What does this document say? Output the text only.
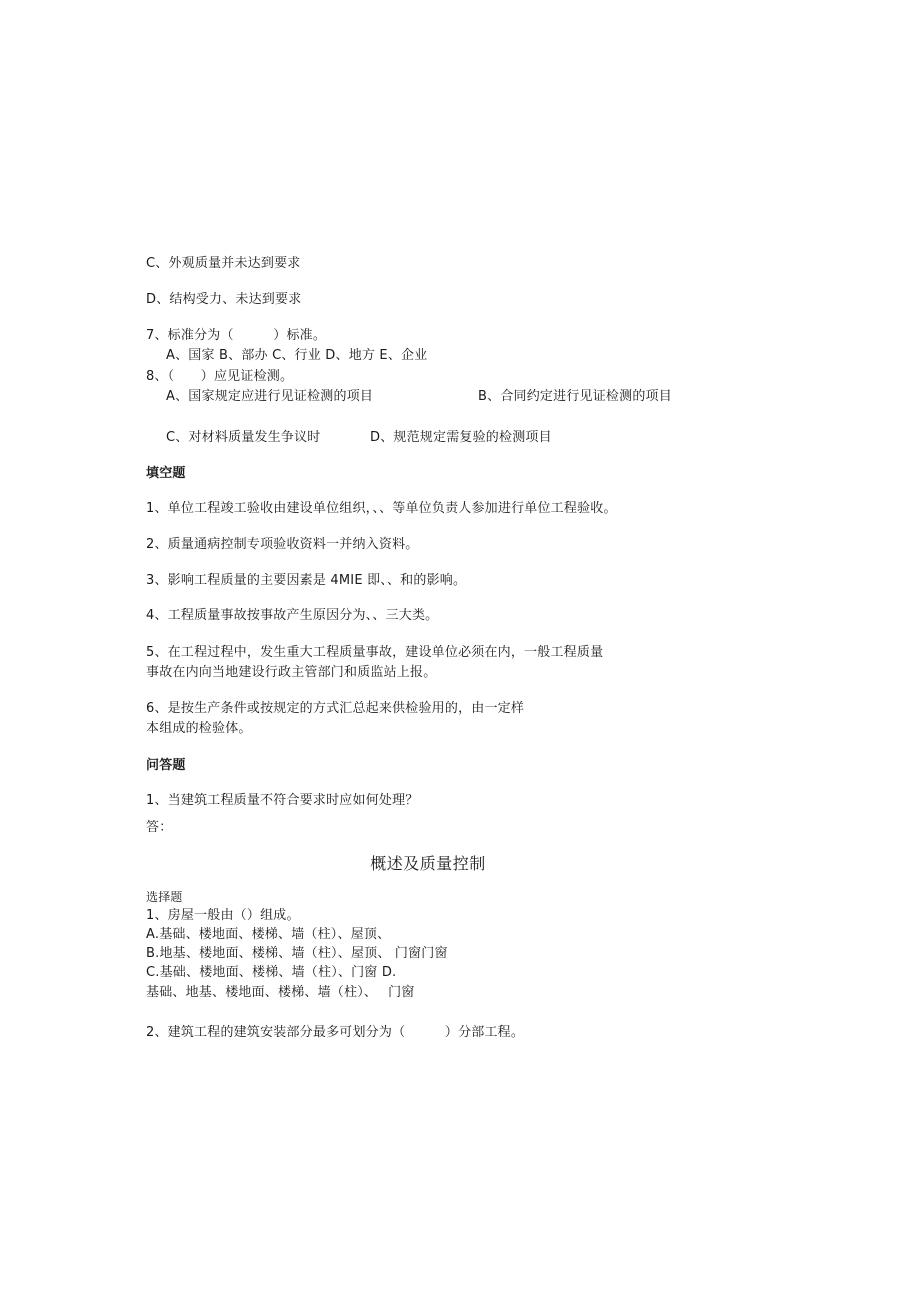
C、外观质量并未达到要求
D、结构受力、未达到要求
7、标准分为（　　　）标准。
A、国家 B、部办 C、行业 D、地方 E、企业
8、（　　）应见证检测。
A、国家规定应进行见证检测的项目	B、合同约定进行见证检测的项目
C、对材料质量发生争议时	D、规范规定需复验的检测项目
填空题
1、单位工程竣工验收由建设单位组织，、、等单位负责人参加进行单位工程验收。
2、质量通病控制专项验收资料一并纳入资料。
3、影响工程质量的主要因素是 4MIE 即、、和的影响。
4、工程质量事故按事故产生原因分为、、三大类。
5、在工程过程中，发生重大工程质量事故，建设单位必须在内，一般工程质量
事故在内向当地建设行政主管部门和质监站上报。
6、是按生产条件或按规定的方式汇总起来供检验用的，由一定样
本组成的检验体。
问答题
1、当建筑工程质量不符合要求时应如何处理？
答：
概述及质量控制
选择题
1、房屋一般由（）组成。
A.基础、楼地面、楼梯、墙（柱）、屋顶、
B.地基、楼地面、楼梯、墙（柱）、屋顶、 门窗门窗
C.基础、楼地面、楼梯、墙（柱）、门窗 D.
基础、地基、楼地面、楼梯、墙（柱）、　 门窗
2、建筑工程的建筑安装部分最多可划分为（　　　）分部工程。
